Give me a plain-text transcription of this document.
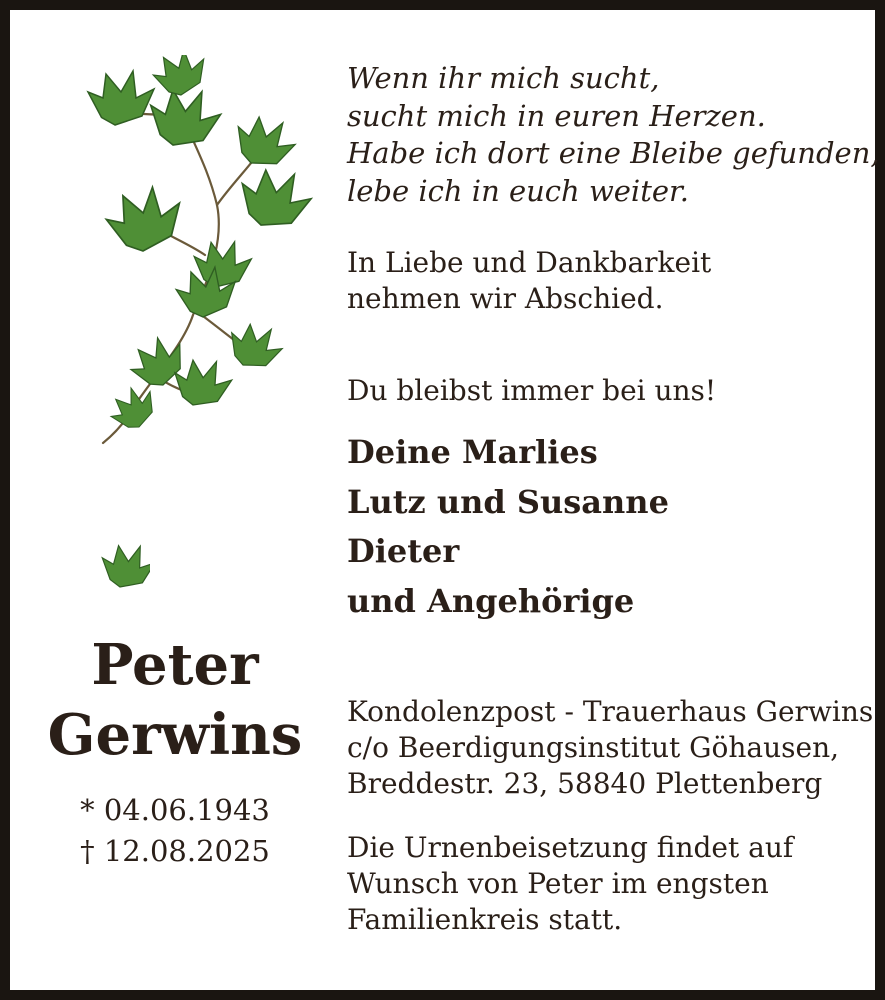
Wenn ihr mich sucht,
sucht mich in euren Herzen.
Habe ich dort eine Bleibe gefunden,
lebe ich in euch weiter.
In Liebe und Dankbarkeit
nehmen wir Abschied.
Du bleibst immer bei uns!
Deine Marlies
Lutz und Susanne
Dieter
und Angehörige
Peter
Gerwins
* 04.06.1943
† 12.08.2025
Kondolenzpost - Trauerhaus Gerwins
c/o Beerdigungsinstitut Göhausen,
Breddestr. 23, 58840 Plettenberg
Die Urnenbeisetzung findet auf
Wunsch von Peter im engsten
Familienkreis statt.
